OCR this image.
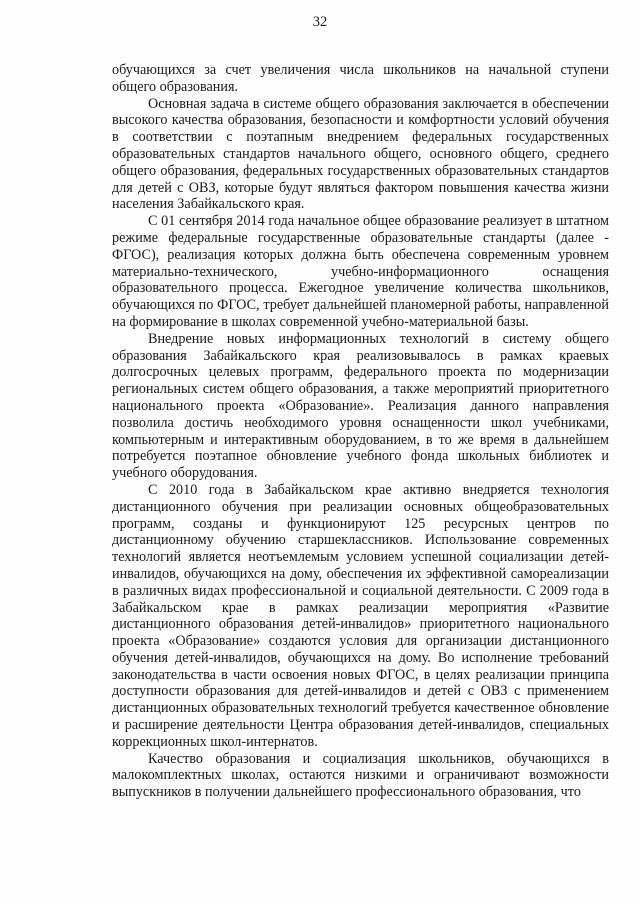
32

обучающихся за счет увеличения числа школьников на начальной ступени общего образования.

Основная задача в системе общего образования заключается в обеспечении высокого качества образования, безопасности и комфортности условий обучения в соответствии с поэтапным внедрением федеральных государственных образовательных стандартов начального общего, основного общего, среднего общего образования, федеральных государственных образовательных стандартов для детей с ОВЗ, которые будут являться фактором повышения качества жизни населения Забайкальского края.

С 01 сентября 2014 года начальное общее образование реализует в штатном режиме федеральные государственные образовательные стандарты (далее - ФГОС), реализация которых должна быть обеспечена современным уровнем материально-технического, учебно-информационного оснащения образовательного процесса. Ежегодное увеличение количества школьников, обучающихся по ФГОС, требует дальнейшей планомерной работы, направленной на формирование в школах современной учебно-материальной базы.

Внедрение новых информационных технологий в систему общего образования Забайкальского края реализовывалось в рамках краевых долгосрочных целевых программ, федерального проекта по модернизации региональных систем общего образования, а также мероприятий приоритетного национального проекта «Образование». Реализация данного направления позволила достичь необходимого уровня оснащенности школ учебниками, компьютерным и интерактивным оборудованием, в то же время в дальнейшем потребуется поэтапное обновление учебного фонда школьных библиотек и учебного оборудования.

С 2010 года в Забайкальском крае активно внедряется технология дистанционного обучения при реализации основных общеобразовательных программ, созданы и функционируют 125 ресурсных центров по дистанционному обучению старшеклассников. Использование современных технологий является неотъемлемым условием успешной социализации детей-инвалидов, обучающихся на дому, обеспечения их эффективной самореализации в различных видах профессиональной и социальной деятельности. С 2009 года в Забайкальском крае в рамках реализации мероприятия «Развитие дистанционного образования детей-инвалидов» приоритетного национального проекта «Образование» создаются условия для организации дистанционного обучения детей-инвалидов, обучающихся на дому. Во исполнение требований законодательства в части освоения новых ФГОС, в целях реализации принципа доступности образования для детей-инвалидов и детей с ОВЗ с применением дистанционных образовательных технологий требуется качественное обновление и расширение деятельности Центра образования детей-инвалидов, специальных коррекционных школ-интернатов.

Качество образования и социализация школьников, обучающихся в малокомплектных школах, остаются низкими и ограничивают возможности выпускников в получении дальнейшего профессионального образования, что
